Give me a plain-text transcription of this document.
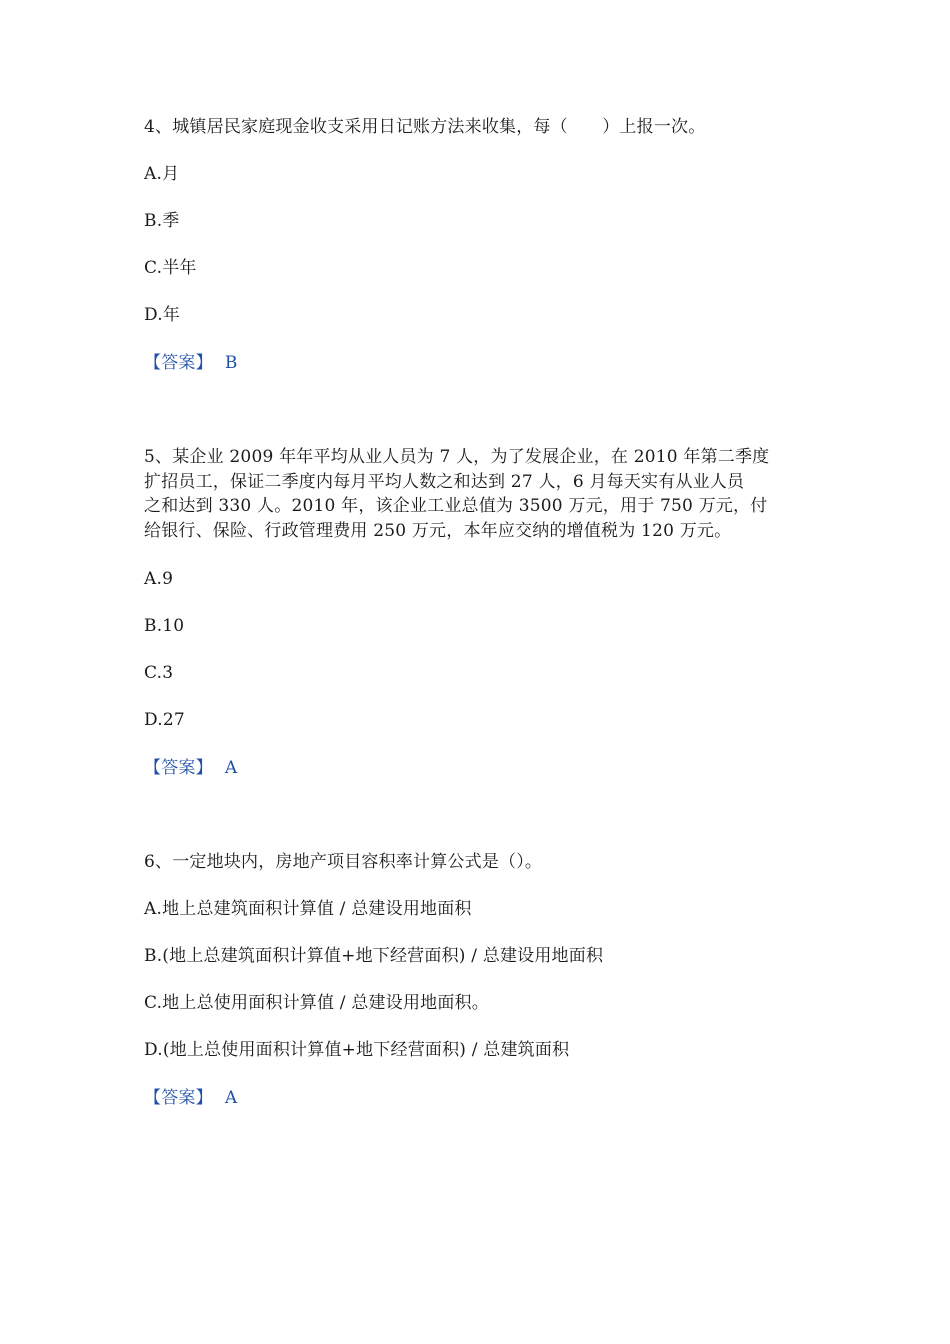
4、城镇居民家庭现金收支采用日记账方法来收集，每（　　）上报一次。
A.月
B.季
C.半年
D.年
【答案】 B
5、某企业 2009 年年平均从业人员为 7 人，为了发展企业，在 2010 年第二季度
扩招员工，保证二季度内每月平均人数之和达到 27 人，6 月每天实有从业人员
之和达到 330 人。2010 年，该企业工业总值为 3500 万元，用于 750 万元，付
给银行、保险、行政管理费用 250 万元，本年应交纳的增值税为 120 万元。
A.9
B.10
C.3
D.27
【答案】 A
6、一定地块内，房地产项目容积率计算公式是（）。
A.地上总建筑面积计算值 / 总建设用地面积
B.(地上总建筑面积计算值+地下经营面积) / 总建设用地面积
C.地上总使用面积计算值 / 总建设用地面积。
D.(地上总使用面积计算值+地下经营面积) / 总建筑面积
【答案】 A
